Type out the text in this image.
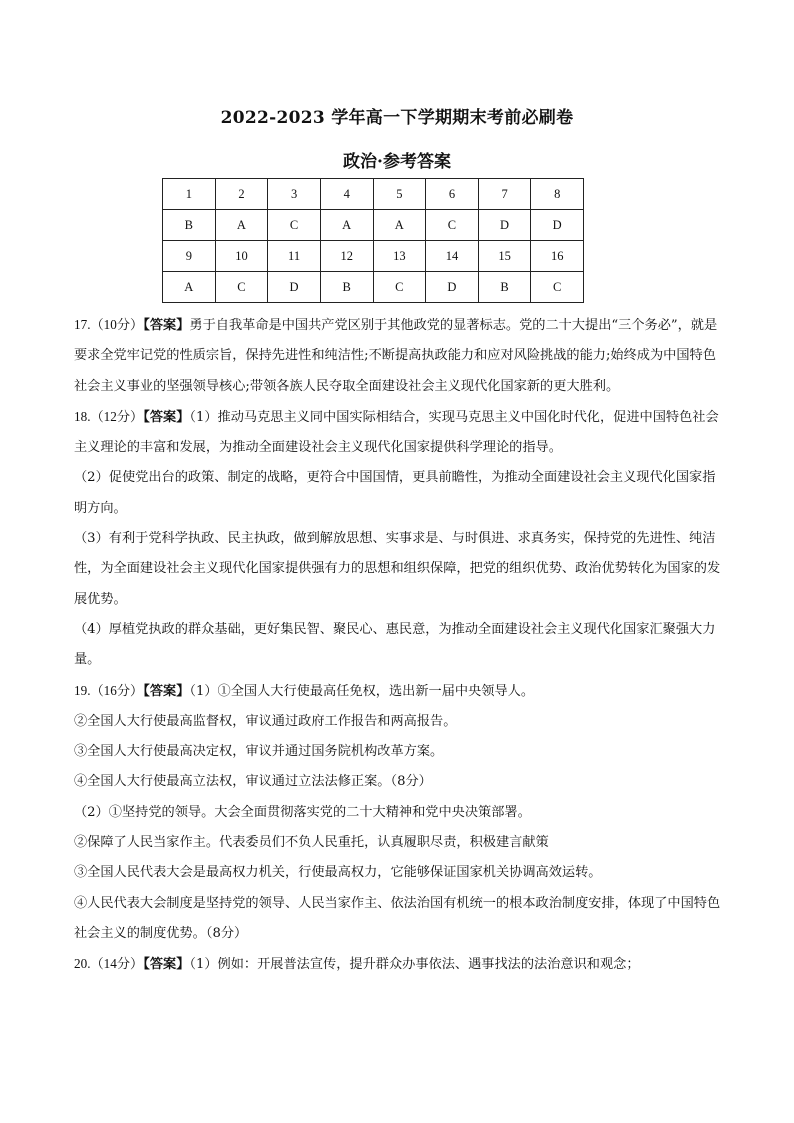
2022-2023 学年高一下学期期末考前必刷卷
政治·参考答案
1	2	3	4	5	6	7	8
B	A	C	A	A	C	D	D
9	10	11	12	13	14	15	16
A	C	D	B	C	D	B	C

17.（10分）【答案】勇于自我革命是中国共产党区别于其他政党的显著标志。党的二十大提出“三个务必”，就是要求全党牢记党的性质宗旨，保持先进性和纯洁性;不断提高执政能力和应对风险挑战的能力;始终成为中国特色社会主义事业的坚强领导核心;带领各族人民夺取全面建设社会主义现代化国家新的更大胜利。

18.（12分）【答案】（1）推动马克思主义同中国实际相结合，实现马克思主义中国化时代化，促进中国特色社会主义理论的丰富和发展，为推动全面建设社会主义现代化国家提供科学理论的指导。

（2）促使党出台的政策、制定的战略，更符合中国国情，更具前瞻性，为推动全面建设社会主义现代化国家指明方向。

（3）有利于党科学执政、民主执政，做到解放思想、实事求是、与时俱进、求真务实，保持党的先进性、纯洁性，为全面建设社会主义现代化国家提供强有力的思想和组织保障，把党的组织优势、政治优势转化为国家的发展优势。

（4）厚植党执政的群众基础，更好集民智、聚民心、惠民意，为推动全面建设社会主义现代化国家汇聚强大力量。

19.（16分）【答案】（1）①全国人大行使最高任免权，选出新一届中央领导人。

②全国人大行使最高监督权，审议通过政府工作报告和两高报告。

③全国人大行使最高决定权，审议并通过国务院机构改革方案。

④全国人大行使最高立法权，审议通过立法法修正案。（8分）

（2）①坚持党的领导。大会全面贯彻落实党的二十大精神和党中央决策部署。

②保障了人民当家作主。代表委员们不负人民重托，认真履职尽责，积极建言献策

③全国人民代表大会是最高权力机关，行使最高权力，它能够保证国家机关协调高效运转。

④人民代表大会制度是坚持党的领导、人民当家作主、依法治国有机统一的根本政治制度安排，体现了中国特色社会主义的制度优势。（8分）

20.（14分）【答案】（1）例如：开展普法宣传，提升群众办事依法、遇事找法的法治意识和观念；
